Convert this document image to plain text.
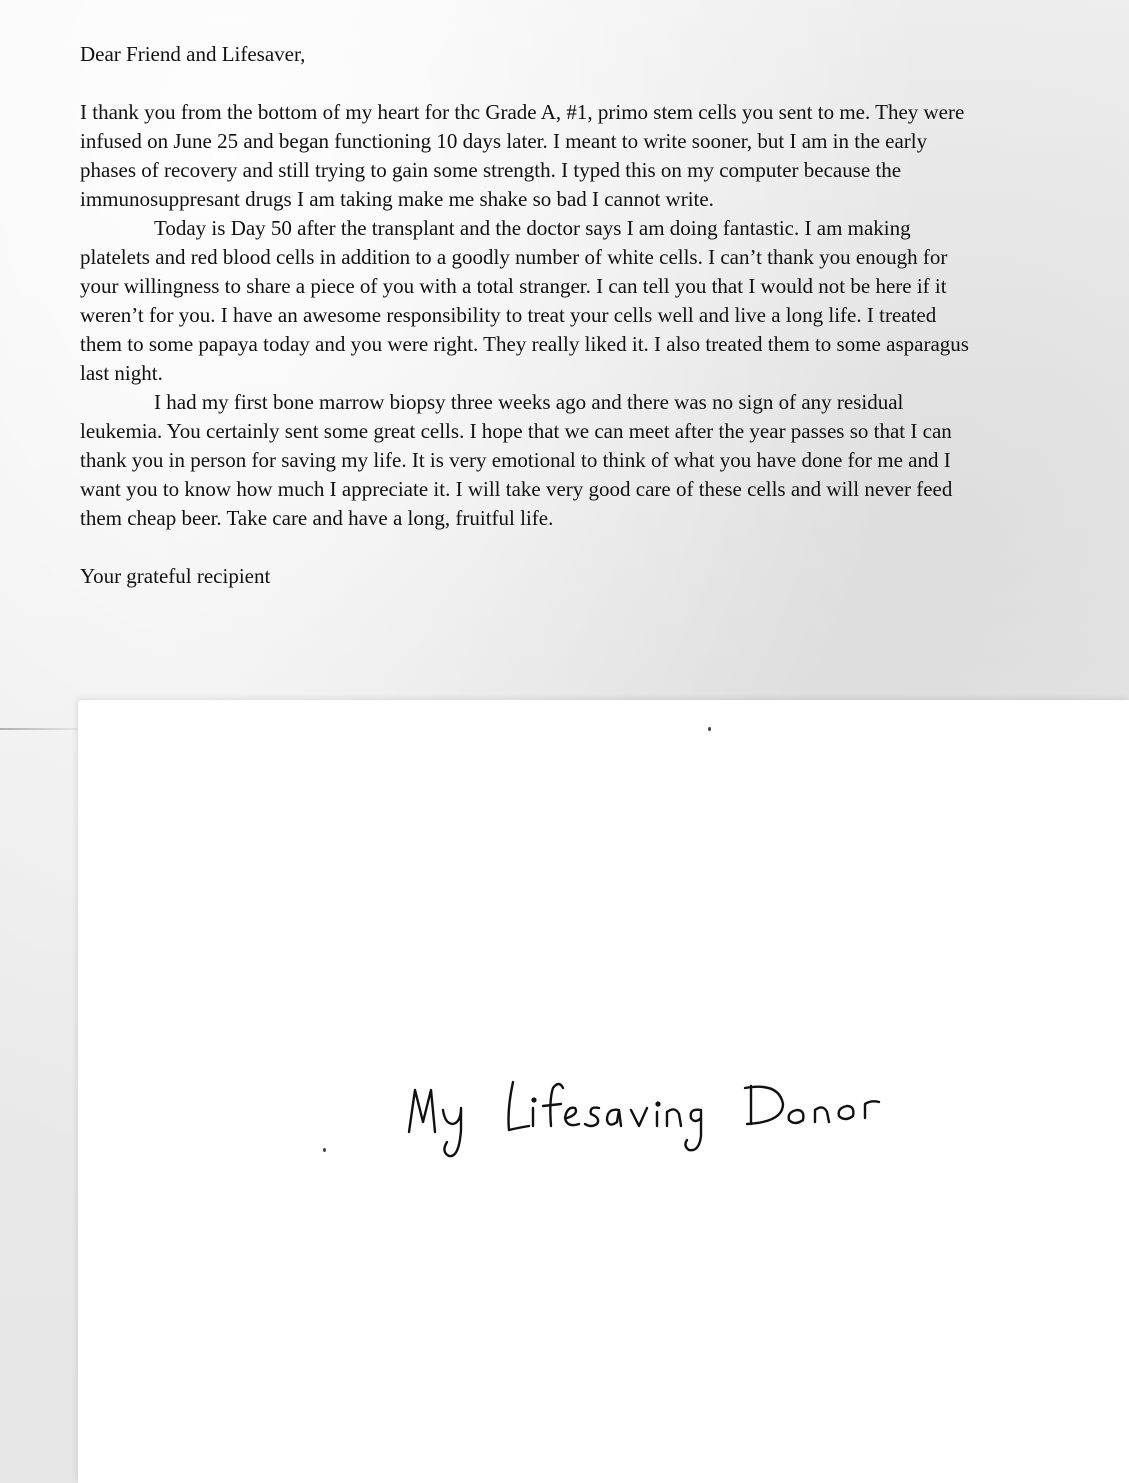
Dear Friend and Lifesaver,

I thank you from the bottom of my heart for thc Grade A, #1, primo stem cells you sent to me. They were infused on June 25 and began functioning 10 days later. I meant to write sooner, but I am in the early phases of recovery and still trying to gain some strength. I typed this on my computer because the immunosuppresant drugs I am taking make me shake so bad I cannot write.

Today is Day 50 after the transplant and the doctor says I am doing fantastic. I am making platelets and red blood cells in addition to a goodly number of white cells. I can’t thank you enough for your willingness to share a piece of you with a total stranger. I can tell you that I would not be here if it weren’t for you. I have an awesome responsibility to treat your cells well and live a long life. I treated them to some papaya today and you were right. They really liked it. I also treated them to some asparagus last night.

I had my first bone marrow biopsy three weeks ago and there was no sign of any residual leukemia. You certainly sent some great cells. I hope that we can meet after the year passes so that I can thank you in person for saving my life. It is very emotional to think of what you have done for me and I want you to know how much I appreciate it. I will take very good care of these cells and will never feed them cheap beer. Take care and have a long, fruitful life.

Your grateful recipient
